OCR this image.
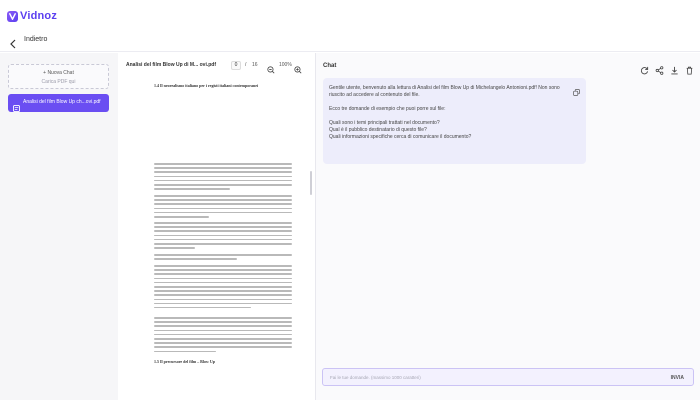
Vidnoz
Indietro
+ Nuova Chat
Carica PDF qui
Analisi del film Blow Up ch...ovi.pdf
Analisi del film Blow Up di M... ovi.pdf	0	/ 16	100%
1.4 Il neorealismo italiano per i registi italiani contemporanei
1.5 Il precursore del film – Blow Up
Chat

Gentile utente, benvenuto alla lettura di Analisi del film Blow Up di Michelangelo Antonioni.pdf! Non sono

riuscito ad accedere al contenuto del file.

Ecco tre domande di esempio che puoi porre sul file:

Quali sono i temi principali trattati nel documento?

Qual è il pubblico destinatario di questo file?

Quali informazioni specifiche cerca di comunicare il documento?

Fai le tue domande. (massimo 1000 caratteri)
INVIA
